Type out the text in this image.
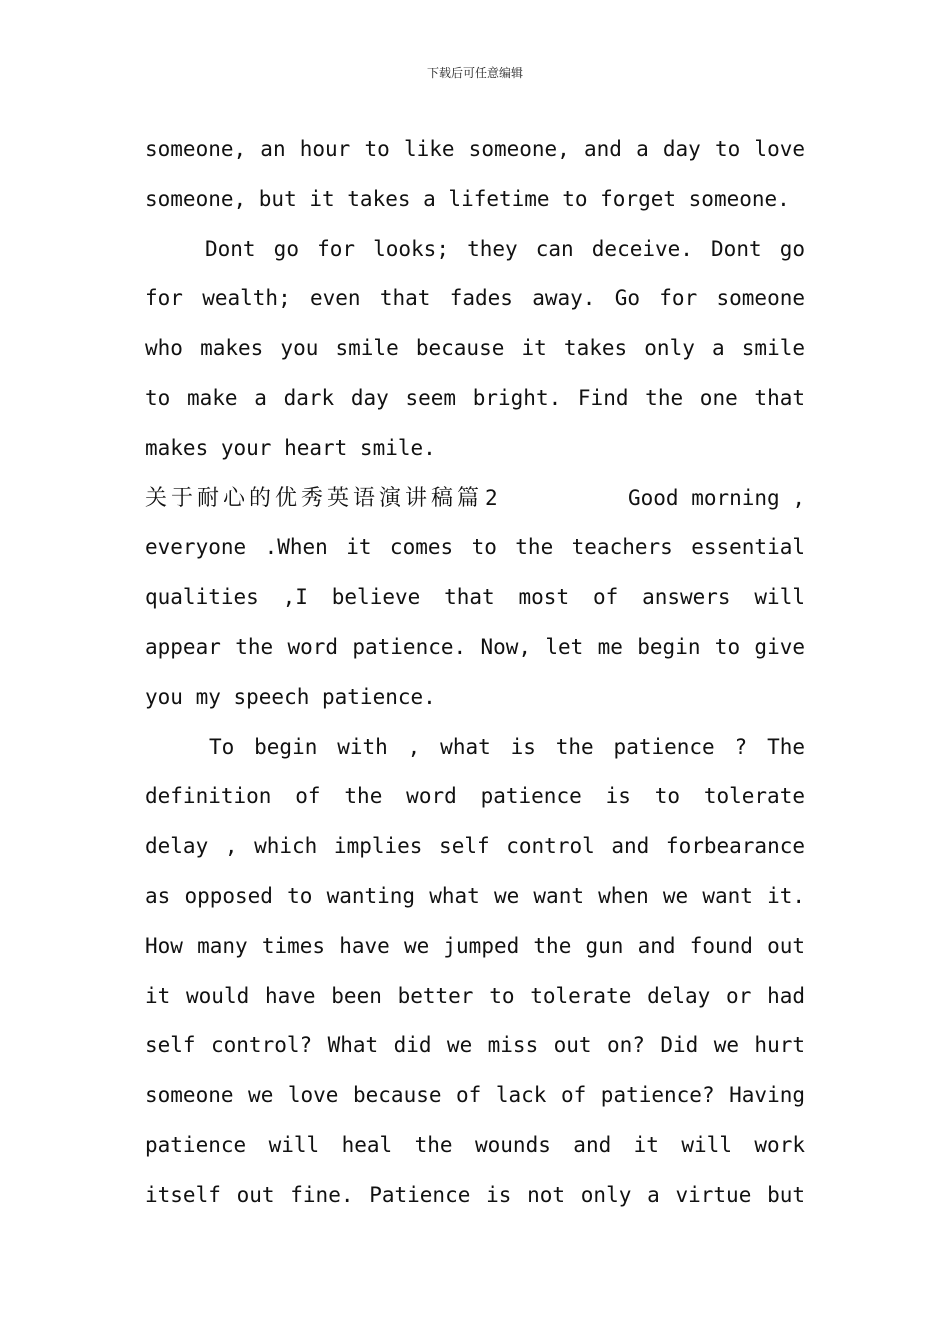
下载后可任意编辑
someone, an hour to like someone, and a day to love
someone, but it takes a lifetime to forget someone.
Dont go for looks; they can deceive. Dont go
for wealth; even that fades away. Go for someone
who makes you smile because it takes only a smile
to make a dark day seem bright. Find the one that
makes your heart smile.
关于耐心的优秀英语演讲稿篇 2	Good morning ,
everyone .When it comes to the teachers essential
qualities ,I believe that most of answers will
appear the word patience. Now, let me begin to give
you my speech patience.
To begin with , what is the patience ? The
definition of the word patience is to tolerate
delay , which implies self control and forbearance
as opposed to wanting what we want when we want it.
How many times have we jumped the gun and found out
it would have been better to tolerate delay or had
self control? What did we miss out on? Did we hurt
someone we love because of lack of patience? Having
patience will heal the wounds and it will work
itself out fine. Patience is not only a virtue but
